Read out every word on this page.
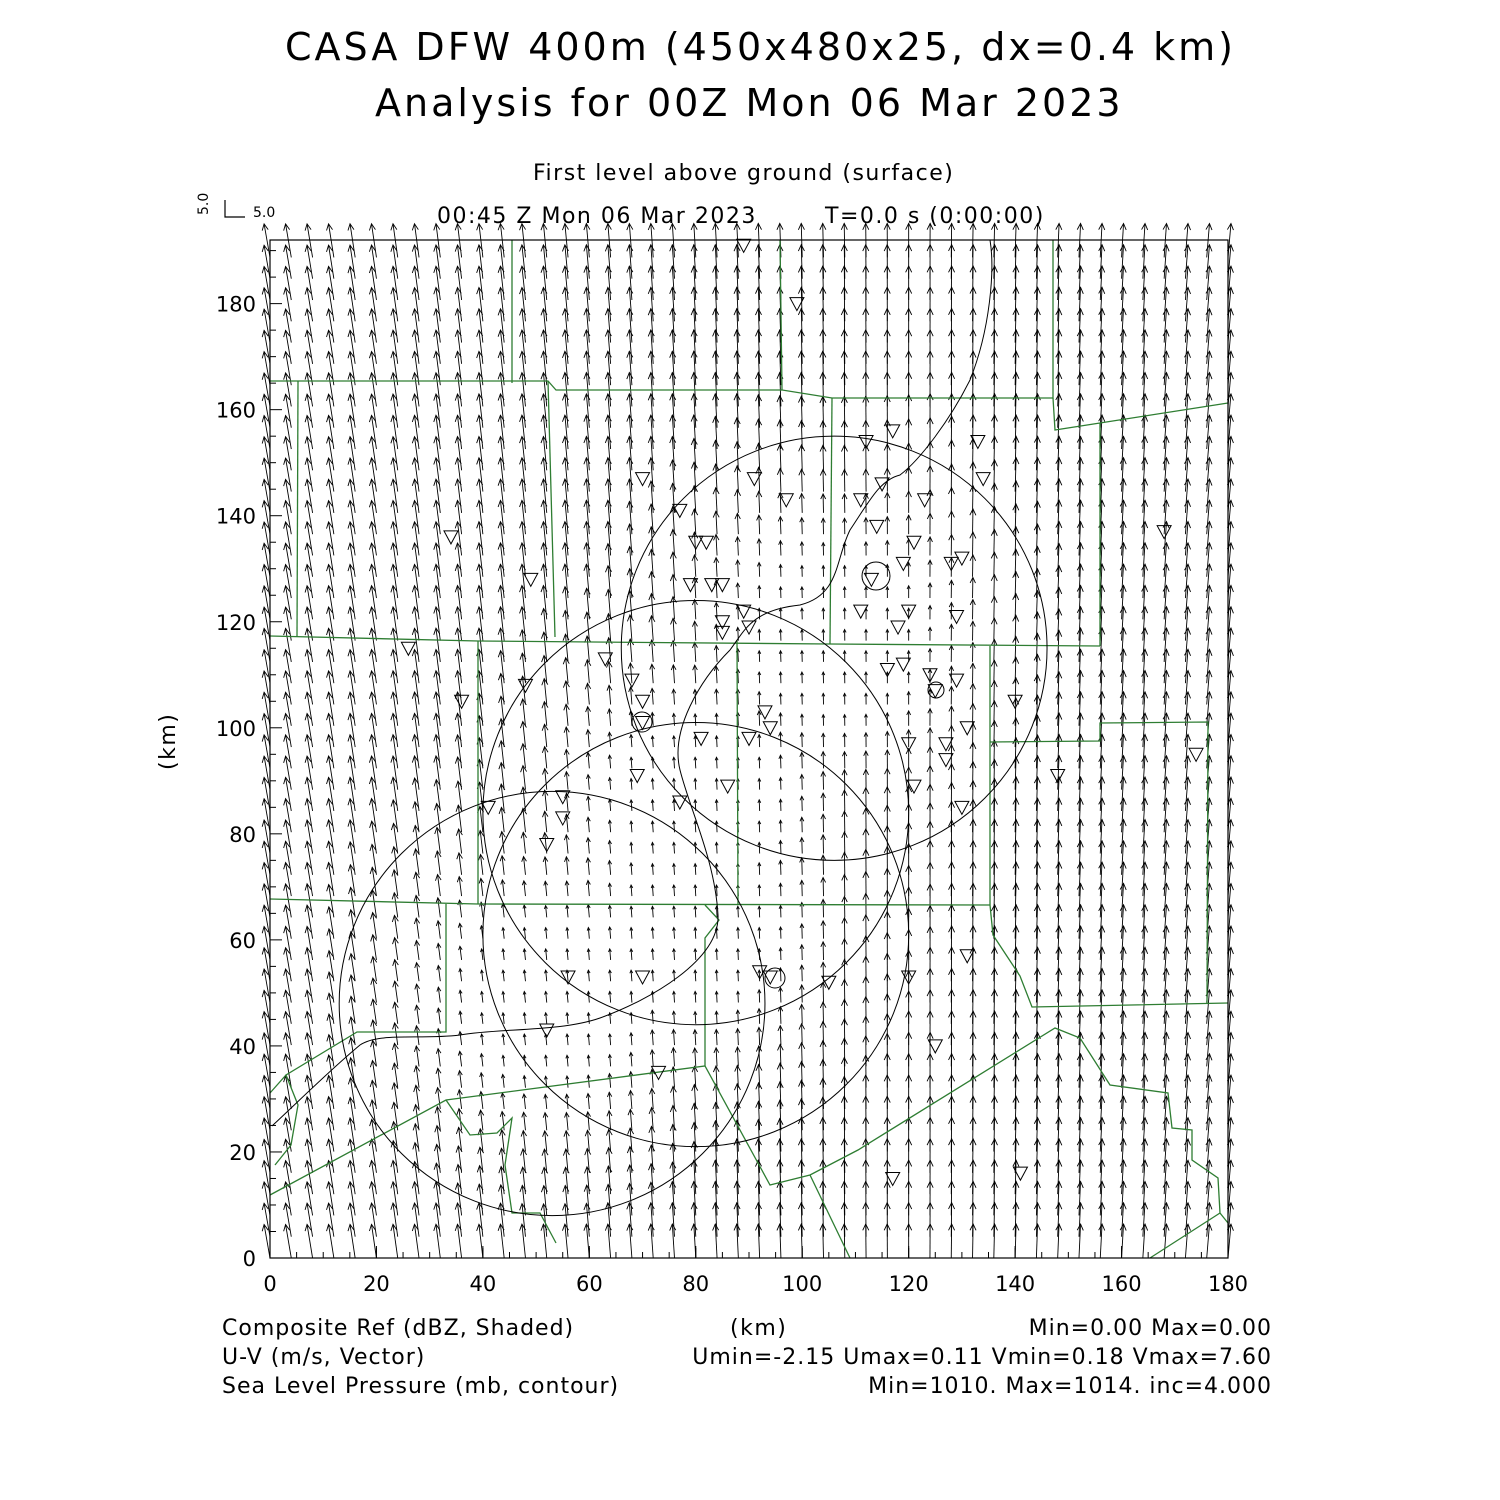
CASA DFW 400m (450x480x25, dx=0.4 km)
Analysis for 00Z Mon 06 Mar 2023
First level above ground (surface)
00:45 Z Mon 06 Mar 2023	T=0.0 s (0:00:00)
5.0
5.0
(km)
(km)
Composite Ref (dBZ, Shaded)
U-V (m/s, Vector)
Sea Level Pressure (mb, contour)
Min=0.00 Max=0.00
Umin=-2.15 Umax=0.11 Vmin=0.18 Vmax=7.60
Min=1010. Max=1014. inc=4.000
0	20	40	60	80	100	120	140	160	180
0
20
40
60
80
100
120
140
160
180
